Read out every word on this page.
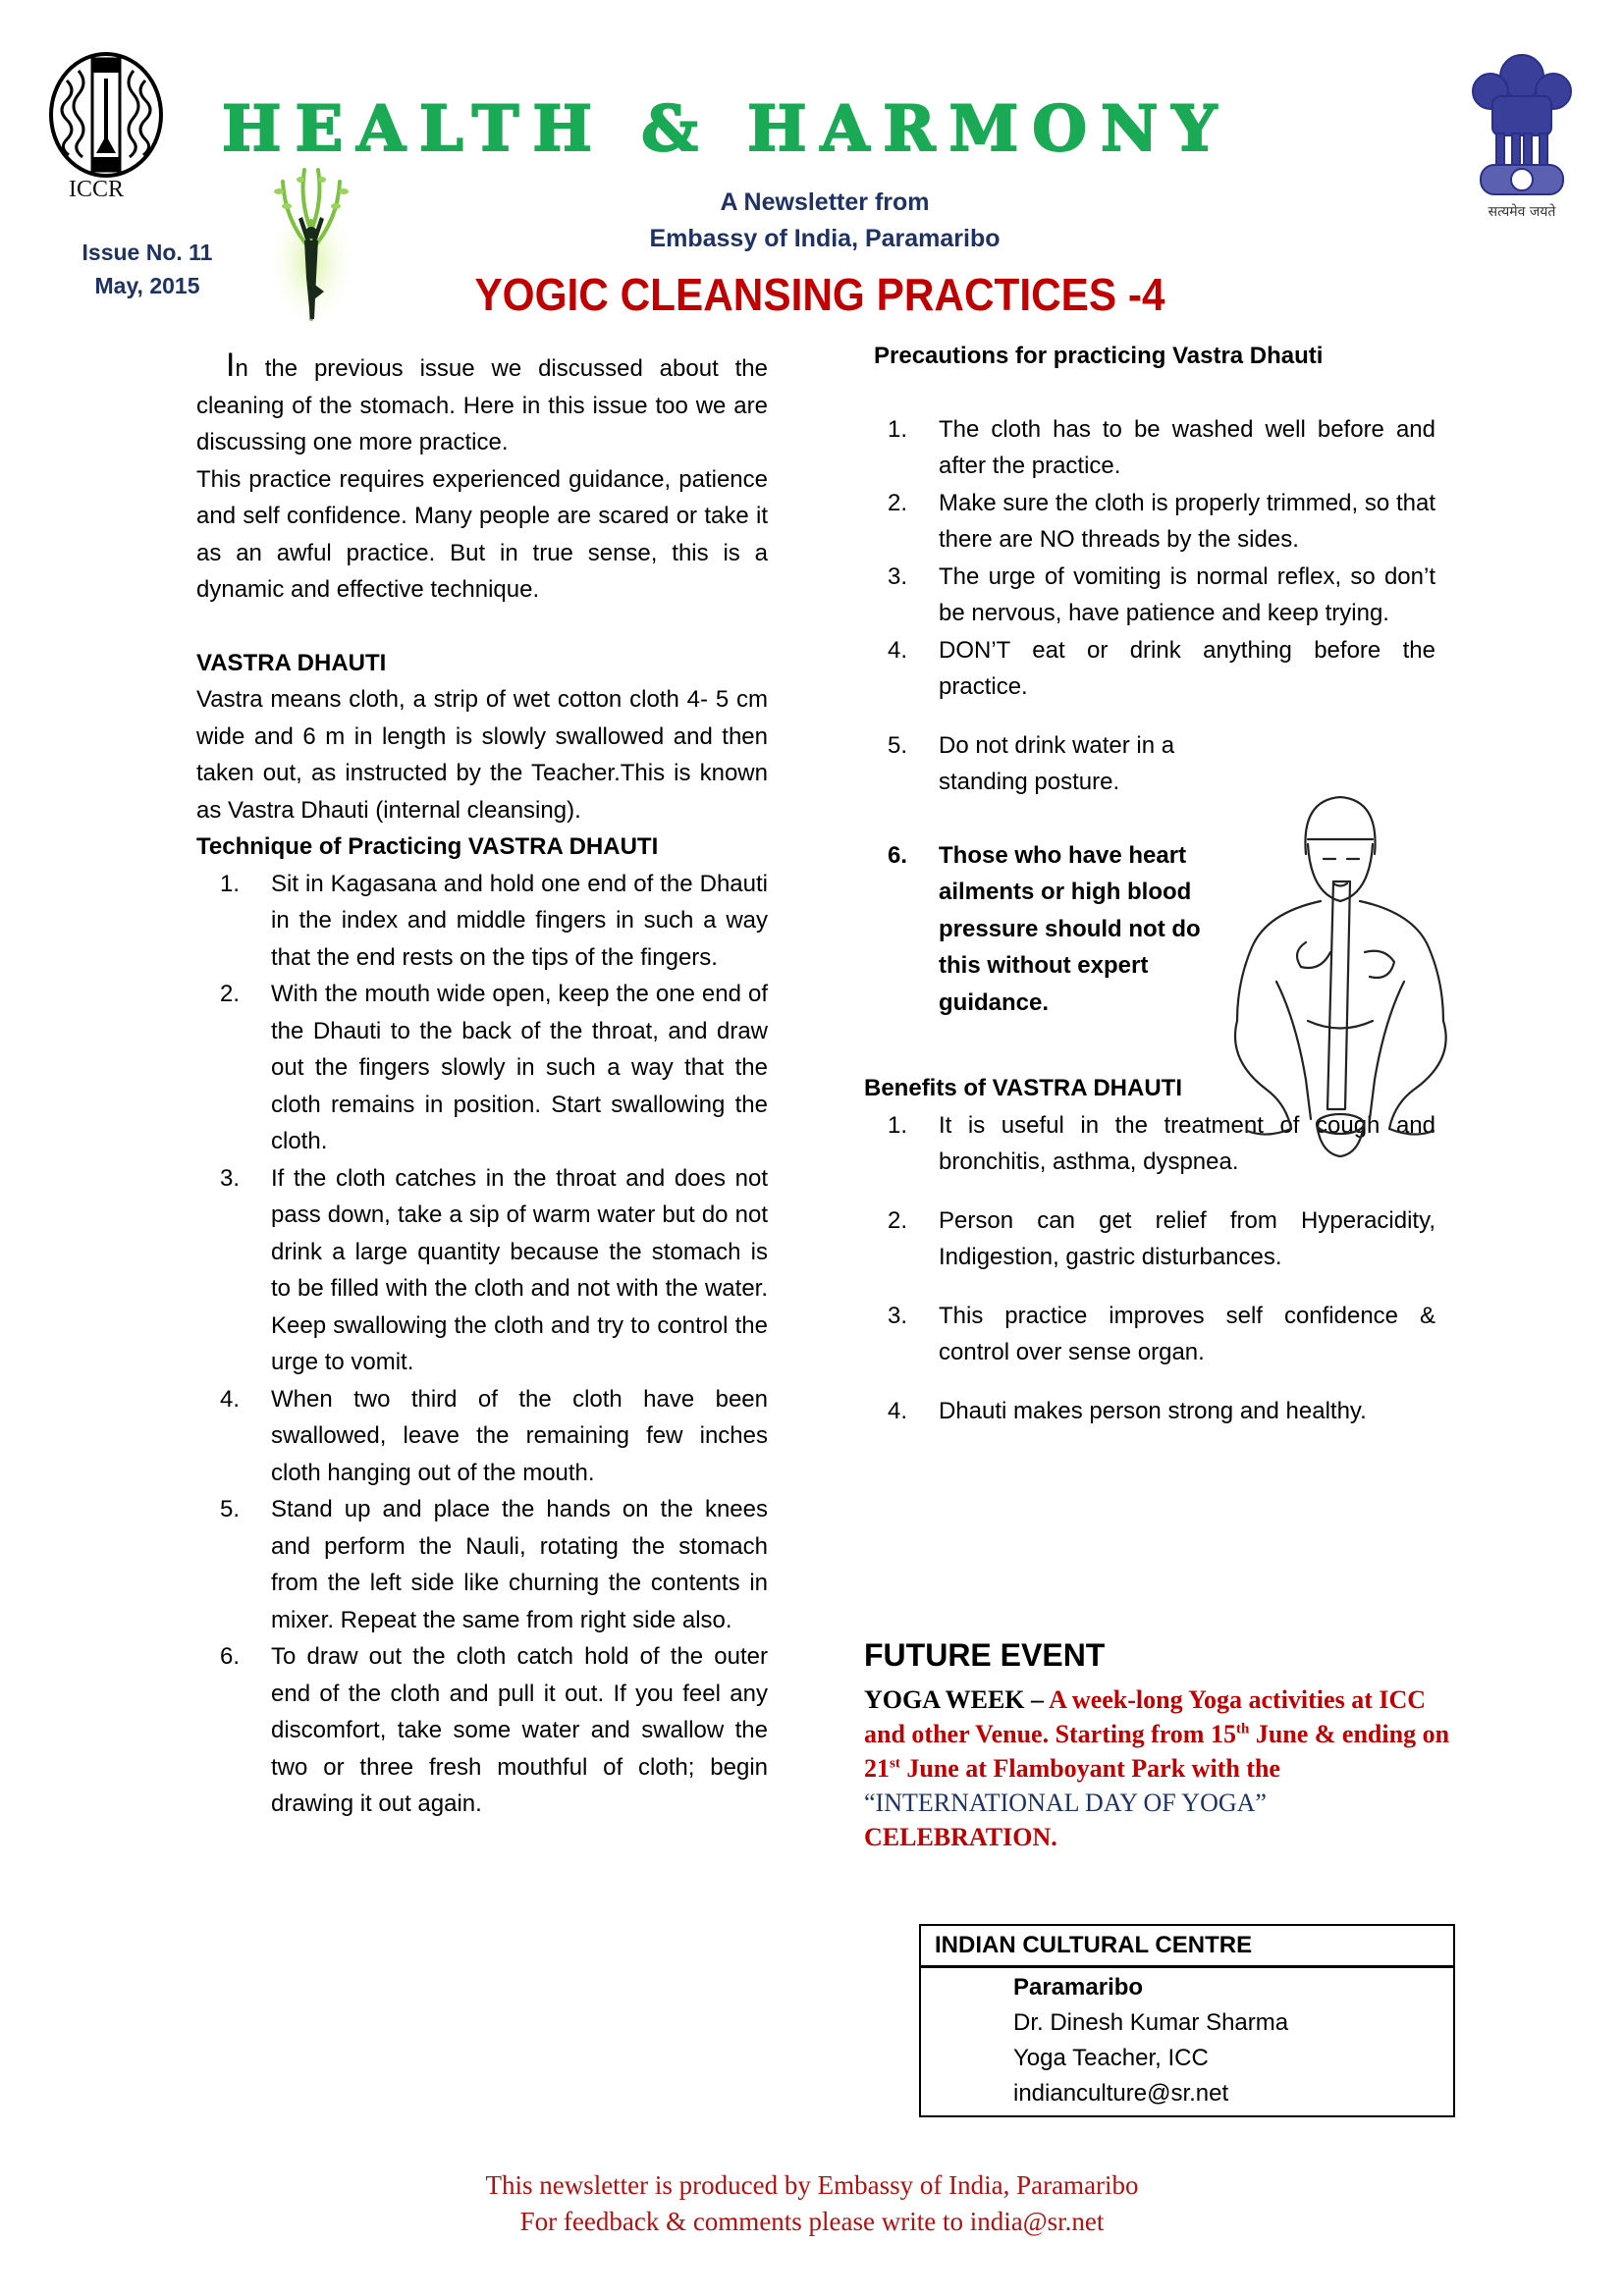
ICCR
HEALTH & HARMONY
सत्यमेव जयते
Issue No. 11
May, 2015
A Newsletter from
Embassy of India, Paramaribo
YOGIC CLEANSING PRACTICES -4

In the previous issue we discussed about the cleaning of the stomach. Here in this issue too we are discussing one more practice.

This practice requires experienced guidance, patience and self confidence. Many people are scared or take it as an awful practice. But in true sense, this is a dynamic and effective technique.

VASTRA DHAUTI

Vastra means cloth, a strip of wet cotton cloth 4- 5 cm wide and 6 m in length is slowly swallowed and then taken out, as instructed by the Teacher.This is known as Vastra Dhauti (internal cleansing).

Technique of Practicing VASTRA DHAUTI

1. Sit in Kagasana and hold one end of the Dhauti in the index and middle fingers in such a way that the end rests on the tips of the fingers.
2. With the mouth wide open, keep the one end of the Dhauti to the back of the throat, and draw out the fingers slowly in such a way that the cloth remains in position. Start swallowing the cloth.
3. If the cloth catches in the throat and does not pass down, take a sip of warm water but do not drink a large quantity because the stomach is to be filled with the cloth and not with the water. Keep swallowing the cloth and try to control the urge to vomit.
4. When two third of the cloth have been swallowed, leave the remaining few inches cloth hanging out of the mouth.
5. Stand up and place the hands on the knees and perform the Nauli, rotating the stomach from the left side like churning the contents in mixer. Repeat the same from right side also.
6. To draw out the cloth catch hold of the outer end of the cloth and pull it out. If you feel any discomfort, take some water and swallow the two or three fresh mouthful of cloth; begin drawing it out again.

Precautions for practicing Vastra Dhauti

1. The cloth has to be washed well before and after the practice.
2. Make sure the cloth is properly trimmed, so that there are NO threads by the sides.
3. The urge of vomiting is normal reflex, so don’t be nervous, have patience and keep trying.
4. DON’T eat or drink anything before the practice.
5. Do not drink water in a standing posture.
6. Those who have heart ailments or high blood pressure should not do this without expert guidance.

Benefits of VASTRA DHAUTI

1. It is useful in the treatment of cough and bronchitis, asthma, dyspnea.
2. Person can get relief from Hyperacidity, Indigestion, gastric disturbances.
3. This practice improves self confidence & control over sense organ.
4. Dhauti makes person strong and healthy.
FUTURE EVENT
YOGA WEEK – A week-long Yoga activities at ICC and other Venue. Starting from 15th June & ending on 21st June at Flamboyant Park with the
“INTERNATIONAL DAY OF YOGA”
CELEBRATION.
INDIAN CULTURAL CENTRE
Paramaribo
Dr. Dinesh Kumar Sharma
Yoga Teacher, ICC
indianculture@sr.net
This newsletter is produced by Embassy of India, Paramaribo
For feedback & comments please write to india@sr.net
